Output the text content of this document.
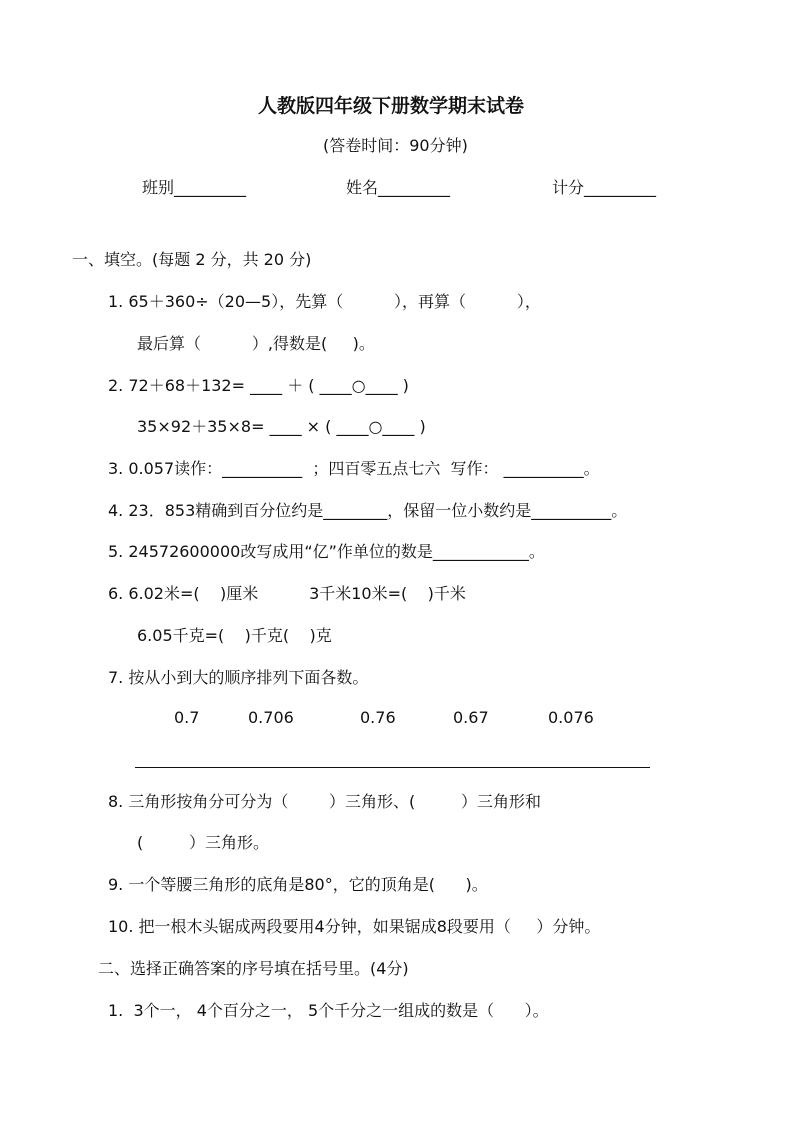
人教版四年级下册数学期末试卷
(答卷时间：90分钟)
班别_________	姓名_________	计分_________
一、填空。(每题 2 分，共 20 分)
1. 65＋360÷（20—5），先算（          ），再算（          ），
最后算（          ）,得数是(     )。
2. 72＋68＋132= ____ ＋ ( ____○____ )
35×92＋35×8= ____ × ( ____○____ )
3. 0.057读作：__________  ；四百零五点七六  写作： __________。
4. 23．853精确到百分位约是________，保留一位小数约是__________。
5. 24572600000改写成用“亿”作单位的数是____________。
6. 6.02米=(    )厘米          3千米10米=(    )千米
6.05千克=(    )千克(    )克
7. 按从小到大的顺序排列下面各数。
0.7	0.706	0.76	0.67	0.076
8. 三角形按角分可分为（        ）三角形、(         ）三角形和
(         ）三角形。
9. 一个等腰三角形的底角是80°，它的顶角是(      )。
10. 把一根木头锯成两段要用4分钟，如果锯成8段要用（     ）分钟。
二、选择正确答案的序号填在括号里。(4分)
1.  3个一， 4个百分之一， 5个千分之一组成的数是（      ）。
